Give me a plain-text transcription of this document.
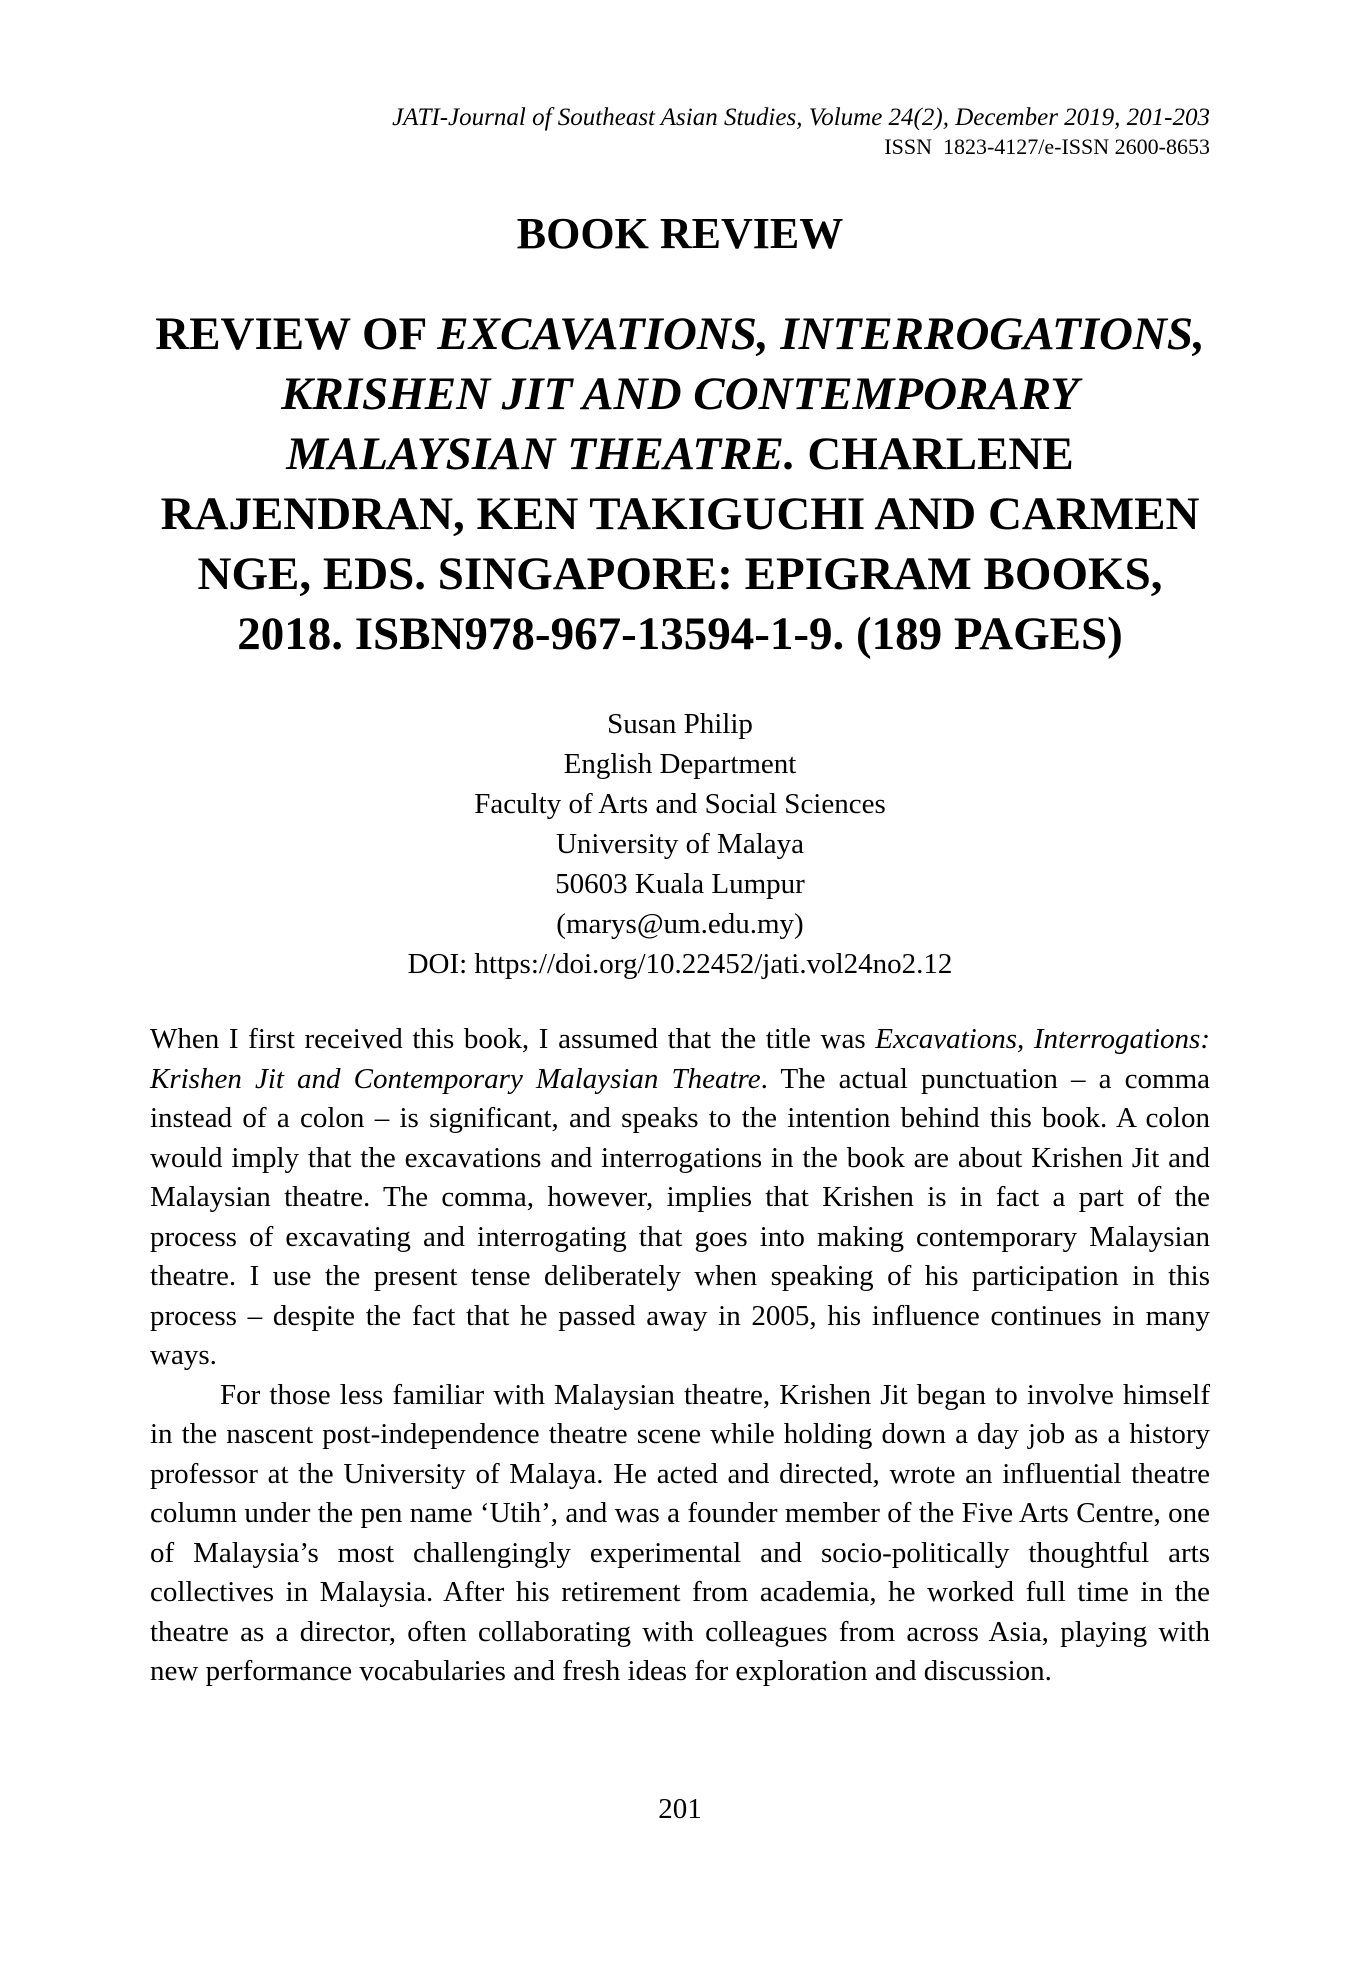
JATI-Journal of Southeast Asian Studies, Volume 24(2), December 2019, 201-203
ISSN  1823-4127/e-ISSN 2600-8653
BOOK REVIEW
REVIEW OF EXCAVATIONS, INTERROGATIONS,
KRISHEN JIT AND CONTEMPORARY
MALAYSIAN THEATRE. CHARLENE
RAJENDRAN, KEN TAKIGUCHI AND CARMEN
NGE, EDS. SINGAPORE: EPIGRAM BOOKS,
2018. ISBN978-967-13594-1-9. (189 PAGES)
Susan Philip
English Department
Faculty of Arts and Social Sciences
University of Malaya
50603 Kuala Lumpur
(marys@um.edu.my)
DOI: https://doi.org/10.22452/jati.vol24no2.12

When I first received this book, I assumed that the title was Excavations, Interrogations: Krishen Jit and Contemporary Malaysian Theatre. The actual punctuation – a comma instead of a colon – is significant, and speaks to the intention behind this book. A colon would imply that the excavations and interrogations in the book are about Krishen Jit and Malaysian theatre. The comma, however, implies that Krishen is in fact a part of the process of excavating and interrogating that goes into making contemporary Malaysian theatre. I use the present tense deliberately when speaking of his participation in this process – despite the fact that he passed away in 2005, his influence continues in many ways.

For those less familiar with Malaysian theatre, Krishen Jit began to involve himself in the nascent post-independence theatre scene while holding down a day job as a history professor at the University of Malaya. He acted and directed, wrote an influential theatre column under the pen name ‘Utih’, and was a founder member of the Five Arts Centre, one of Malaysia’s most challengingly experimental and socio-politically thoughtful arts collectives in Malaysia. After his retirement from academia, he worked full time in the theatre as a director, often collaborating with colleagues from across Asia, playing with new performance vocabularies and fresh ideas for exploration and discussion.

201
